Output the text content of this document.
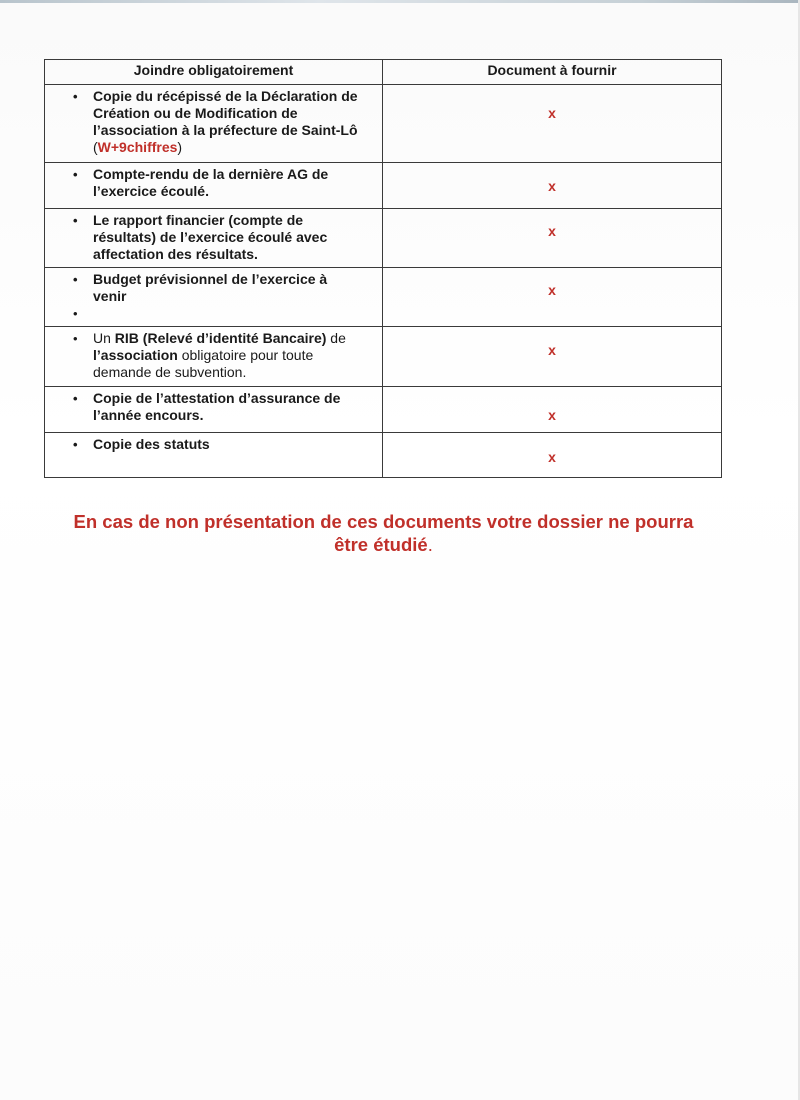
Joindre obligatoirement	Document à fournir

• Copie du récépissé de la Déclaration de
Création ou de Modification de
l’association à la préfecture de Saint-Lô
(W+9chiffres)	x

• Compte-rendu de la dernière AG de
l’exercice écoulé.	x

• Le rapport financier (compte de
résultats) de l’exercice écoulé avec
affectation des résultats.	x

• Budget prévisionnel de l’exercice à
venir
•	x

• Un RIB (Relevé d’identité Bancaire) de
l’association obligatoire pour toute
demande de subvention.	x

• Copie de l’attestation d’assurance de
l’année encours.	x

• Copie des statuts	x
En cas de non présentation de ces documents votre dossier ne pourra
être étudié.
